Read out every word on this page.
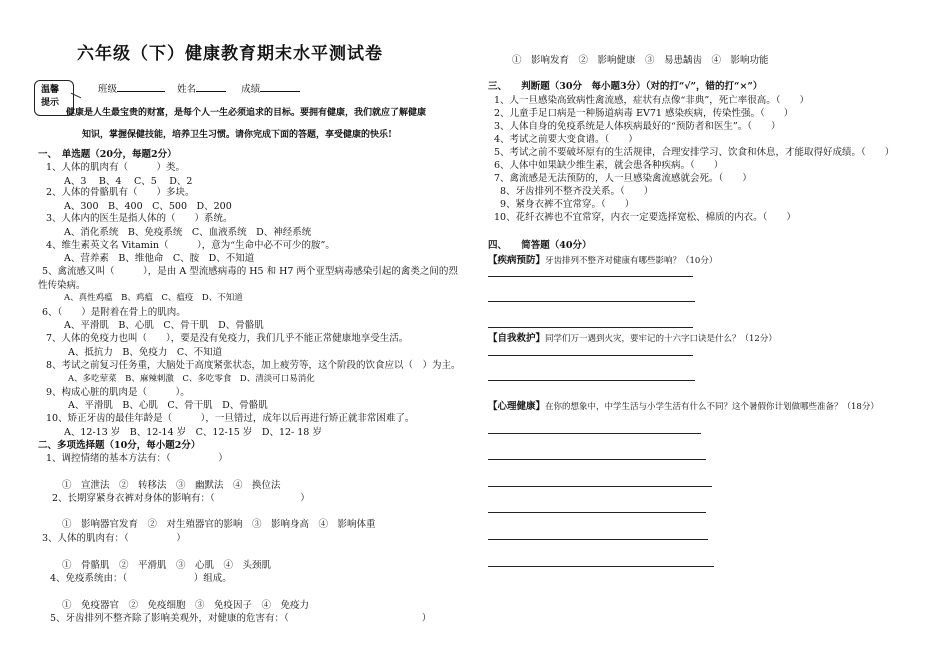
六年级（下）健康教育期末水平测试卷
温馨
提示
班级	姓名	成绩
健康是人生最宝贵的财富，是每个人一生必须追求的目标。要拥有健康，我们就应了解健康
知识，掌握保健技能，培养卫生习惯。请你完成下面的答题，享受健康的快乐!
一、　单选题（20分，每题2分）
1、人体的肌肉有（　　　）类。
A、3　 B、4　 C、5　 D、2
2、人体的骨骼肌有（　　）多块。
A、300　B、400　C、500　D、200
3、人体内的医生是指人体的（　　）系统。
A、消化系统　B、免疫系统　C、血液系统　D、神经系统
4、维生素英文名 Vitamin（　　　），意为“生命中必不可少的胺”。
A、营养素　B、维他命　C、胺　D、不知道
5、禽流感又叫（　　　），是由 A 型流感病毒的 H5 和 H7 两个亚型病毒感染引起的禽类之间的烈
性传染病。
A、真性鸡瘟　B、鸡瘟　C、瘟疫　D、不知道
6、（　　）是附着在骨上的肌肉。
A、平滑肌　B、心肌　C、骨干肌　D、骨骼肌
7、人体的免疫力也叫（　　），要是没有免疫力，我们几乎不能正常健康地享受生活。
A、抵抗力　B、免疫力　C、不知道
8、考试之前复习任务重，大脑处于高度紧张状态，加上疲劳等，这个阶段的饮食应以（　）为主。
A、多吃荤菜　B、麻辣刺激　C、多吃零食　D、清淡可口易消化
9、构成心脏的肌肉是（　　　）。
A、平滑肌　B、心肌　C、骨干肌　D、骨骼肌
10、矫正牙齿的最佳年龄是（　　　），一旦错过，成年以后再进行矫正就非常困难了。
A、12-13 岁　B、12-14 岁　C、12-15 岁　D、12- 18 岁
二、多项选择题（10分，每小题2分）
1、调控情绪的基本方法有：（　　　　　）
①　宣泄法　②　转移法　③　幽默法　④　换位法
2、长期穿紧身衣裤对身体的影响有：（　　　　　　　　　）
①　影响器官发育　②　对生殖器官的影响　③　影响身高　④　影响体重
3、人体的肌肉有：（　　　　　）
①　骨骼肌　②　平滑肌　③　心肌　④　头颈肌
4、免疫系统由：（　　　　　　　）组成。
①　免疫器官　②　免疫细胞　③　免疫因子　④　免疫力
5、牙齿排列不整齐除了影响美观外，对健康的危害有：（　　　　　　　　　　　　　　）
①　影响发育　②　影响健康　③　易患龋齿　④　影响功能
三、　　判断题（30分　每小题3分）（对的打“√”，错的打“×”）
1、人一旦感染高致病性禽流感，症状有点像“非典”，死亡率很高。（　　）
2、儿童手足口病是一种肠道病毒 EV71 感染疾病，传染性强。（　　）
3、人体自身的免疫系统是人体疾病最好的“预防者和医生”。（　　）
4、考试之前要大变食谱。（　　）
5、考试之前不要破坏原有的生活规律，合理安排学习、饮食和休息，才能取得好成绩。（　　）
6、人体中如果缺少维生素，就会患各种疾病。（　　）
7、禽流感是无法预防的，人一旦感染禽流感就会死。（　　）
8、牙齿排列不整齐没关系。（　　）
9、紧身衣裤不宜常穿。（　　）
10、花纤衣裤也不宜常穿，内衣一定要选择宽松、棉质的内衣。（　　）
四、　　简答题（40分）
【疾病预防】牙齿排列不整齐对健康有哪些影响？（10分）
【自我救护】同学们万一遇到火灾，要牢记的十六字口诀是什么？（12分）
【心理健康】在你的想象中，中学生活与小学生活有什么不同？这个暑假你计划做哪些准备？（18分）
